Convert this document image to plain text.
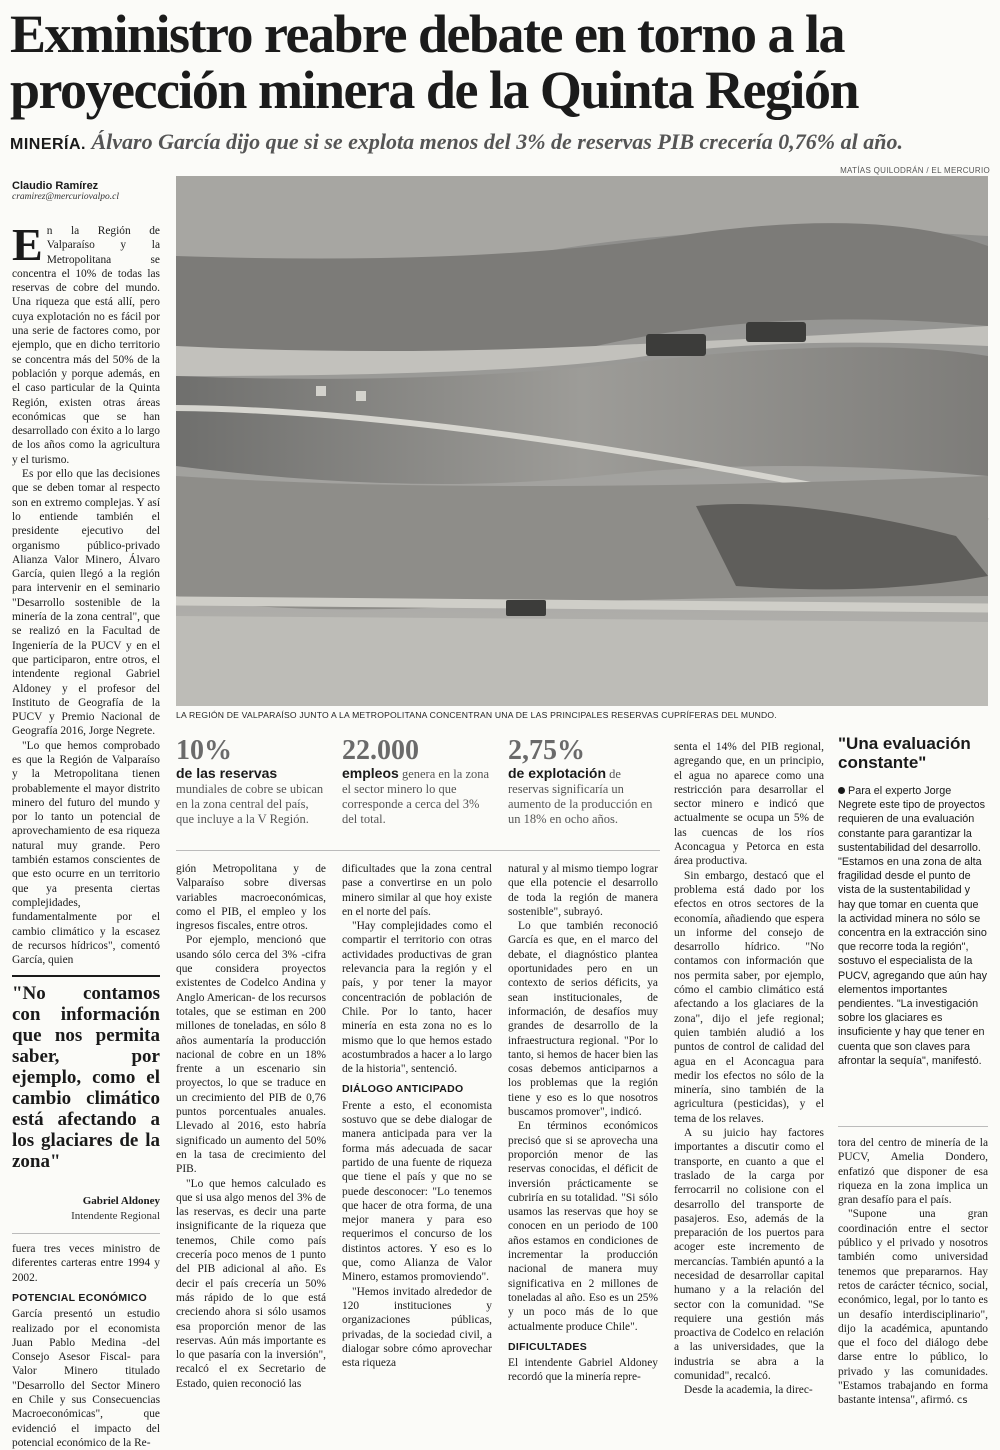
Exministro reabre debate en torno a la proyección minera de la Quinta Región
MINERÍA. Álvaro García dijo que si se explota menos del 3% de reservas PIB crecería 0,76% al año.
MATÍAS QUILODRÁN / EL MERCURIO
Claudio Ramírez
cramirez@mercuriovalpo.cl
LA REGIÓN DE VALPARAÍSO JUNTO A LA METROPOLITANA CONCENTRAN UNA DE LAS PRINCIPALES RESERVAS CUPRÍFERAS DEL MUNDO.

En la Región de Valparaíso y la Metropolitana se concentra el 10% de todas las reservas de cobre del mundo. Una riqueza que está allí, pero cuya explotación no es fácil por una serie de factores como, por ejemplo, que en dicho territorio se concentra más del 50% de la población y porque además, en el caso particular de la Quinta Región, existen otras áreas económicas que se han desarrollado con éxito a lo largo de los años como la agricultura y el turismo.

Es por ello que las decisiones que se deben tomar al respecto son en extremo complejas. Y así lo entiende también el presidente ejecutivo del organismo público-privado Alianza Valor Minero, Álvaro García, quien llegó a la región para intervenir en el seminario "Desarrollo sostenible de la minería de la zona central", que se realizó en la Facultad de Ingeniería de la PUCV y en el que participaron, entre otros, el intendente regional Gabriel Aldoney y el profesor del Instituto de Geografía de la PUCV y Premio Nacional de Geografía 2016, Jorge Negrete.

"Lo que hemos comprobado es que la Región de Valparaíso y la Metropolitana tienen probablemente el mayor distrito minero del futuro del mundo y por lo tanto un potencial de aprovechamiento de esa riqueza natural muy grande. Pero también estamos conscientes de que esto ocurre en un territorio que ya presenta ciertas complejidades, fundamentalmente por el cambio climático y la escasez de recursos hídricos", comentó García, quien

"No contamos con información que nos permita saber, por ejemplo, como el cambio climático está afectando a los glaciares de la zona"
Gabriel Aldoney
Intendente Regional

fuera tres veces ministro de diferentes carteras entre 1994 y 2002.

POTENCIAL ECONÓMICO

García presentó un estudio realizado por el economista Juan Pablo Medina -del Consejo Asesor Fiscal- para Valor Minero titulado "Desarrollo del Sector Minero en Chile y sus Consecuencias Macroeconómicas", que evidenció el impacto del potencial económico de la Re-

10%
de las reservas mundiales de cobre se ubican en la zona central del país, que incluye a la V Región.
22.000
empleos genera en la zona el sector minero lo que corresponde a cerca del 3% del total.
2,75%
de explotación de reservas significaría un aumento de la producción en un 18% en ocho años.

gión Metropolitana y de Valparaíso sobre diversas variables macroeconómicas, como el PIB, el empleo y los ingresos fiscales, entre otros.

Por ejemplo, mencionó que usando sólo cerca del 3% -cifra que considera proyectos existentes de Codelco Andina y Anglo American- de los recursos totales, que se estiman en 200 millones de toneladas, en sólo 8 años aumentaría la producción nacional de cobre en un 18% frente a un escenario sin proyectos, lo que se traduce en un crecimiento del PIB de 0,76 puntos porcentuales anuales. Llevado al 2016, esto habría significado un aumento del 50% en la tasa de crecimiento del PIB.

"Lo que hemos calculado es que si usa algo menos del 3% de las reservas, es decir una parte insignificante de la riqueza que tenemos, Chile como país crecería poco menos de 1 punto del PIB adicional al año. Es decir el país crecería un 50% más rápido de lo que está creciendo ahora si sólo usamos esa proporción menor de las reservas. Aún más importante es lo que pasaría con la inversión", recalcó el ex Secretario de Estado, quien reconoció las

dificultades que la zona central pase a convertirse en un polo minero similar al que hoy existe en el norte del país.

"Hay complejidades como el compartir el territorio con otras actividades productivas de gran relevancia para la región y el país, y por tener la mayor concentración de población de Chile. Por lo tanto, hacer minería en esta zona no es lo mismo que lo que hemos estado acostumbrados a hacer a lo largo de la historia", sentenció.

DIÁLOGO ANTICIPADO

Frente a esto, el economista sostuvo que se debe dialogar de manera anticipada para ver la forma más adecuada de sacar partido de una fuente de riqueza que tiene el país y que no se puede desconocer: "Lo tenemos que hacer de otra forma, de una mejor manera y para eso requerimos el concurso de los distintos actores. Y eso es lo que, como Alianza de Valor Minero, estamos promoviendo".

"Hemos invitado alrededor de 120 instituciones y organizaciones públicas, privadas, de la sociedad civil, a dialogar sobre cómo aprovechar esta riqueza

natural y al mismo tiempo lograr que ella potencie el desarrollo de toda la región de manera sostenible", subrayó.

Lo que también reconoció García es que, en el marco del debate, el diagnóstico plantea oportunidades pero en un contexto de serios déficits, ya sean institucionales, de información, de desafíos muy grandes de desarrollo de la infraestructura regional. "Por lo tanto, si hemos de hacer bien las cosas debemos anticiparnos a los problemas que la región tiene y eso es lo que nosotros buscamos promover", indicó.

En términos económicos precisó que si se aprovecha una proporción menor de las reservas conocidas, el déficit de inversión prácticamente se cubriría en su totalidad. "Si sólo usamos las reservas que hoy se conocen en un periodo de 100 años estamos en condiciones de incrementar la producción nacional de manera muy significativa en 2 millones de toneladas al año. Eso es un 25% y un poco más de lo que actualmente produce Chile".

DIFICULTADES

El intendente Gabriel Aldoney recordó que la minería repre-

senta el 14% del PIB regional, agregando que, en un principio, el agua no aparece como una restricción para desarrollar el sector minero e indicó que actualmente se ocupa un 5% de las cuencas de los ríos Aconcagua y Petorca en esta área productiva.

Sin embargo, destacó que el problema está dado por los efectos en otros sectores de la economía, añadiendo que espera un informe del consejo de desarrollo hídrico. "No contamos con información que nos permita saber, por ejemplo, cómo el cambio climático está afectando a los glaciares de la zona", dijo el jefe regional; quien también aludió a los puntos de control de calidad del agua en el Aconcagua para medir los efectos no sólo de la minería, sino también de la agricultura (pesticidas), y el tema de los relaves.

A su juicio hay factores importantes a discutir como el transporte, en cuanto a que el traslado de la carga por ferrocarril no colisione con el desarrollo del transporte de pasajeros. Eso, además de la preparación de los puertos para acoger este incremento de mercancías. También apuntó a la necesidad de desarrollar capital humano y a la relación del sector con la comunidad. "Se requiere una gestión más proactiva de Codelco en relación a las universidades, que la industria se abra a la comunidad", recalcó.

Desde la academia, la direc-

"Una evaluación constante"

Para el experto Jorge Negrete este tipo de proyectos requieren de una evaluación constante para garantizar la sustentabilidad del desarrollo. "Estamos en una zona de alta fragilidad desde el punto de vista de la sustentabilidad y hay que tomar en cuenta que la actividad minera no sólo se concentra en la extracción sino que recorre toda la región", sostuvo el especialista de la PUCV, agregando que aún hay elementos importantes pendientes. "La investigación sobre los glaciares es insuficiente y hay que tener en cuenta que son claves para afrontar la sequía", manifestó.

tora del centro de minería de la PUCV, Amelia Dondero, enfatizó que disponer de esa riqueza en la zona implica un gran desafío para el país.

"Supone una gran coordinación entre el sector público y el privado y nosotros también como universidad tenemos que prepararnos. Hay retos de carácter técnico, social, económico, legal, por lo tanto es un desafío interdisciplinario", dijo la académica, apuntando que el foco del diálogo debe darse entre lo público, lo privado y las comunidades. "Estamos trabajando en forma bastante intensa", afirmó. cs
